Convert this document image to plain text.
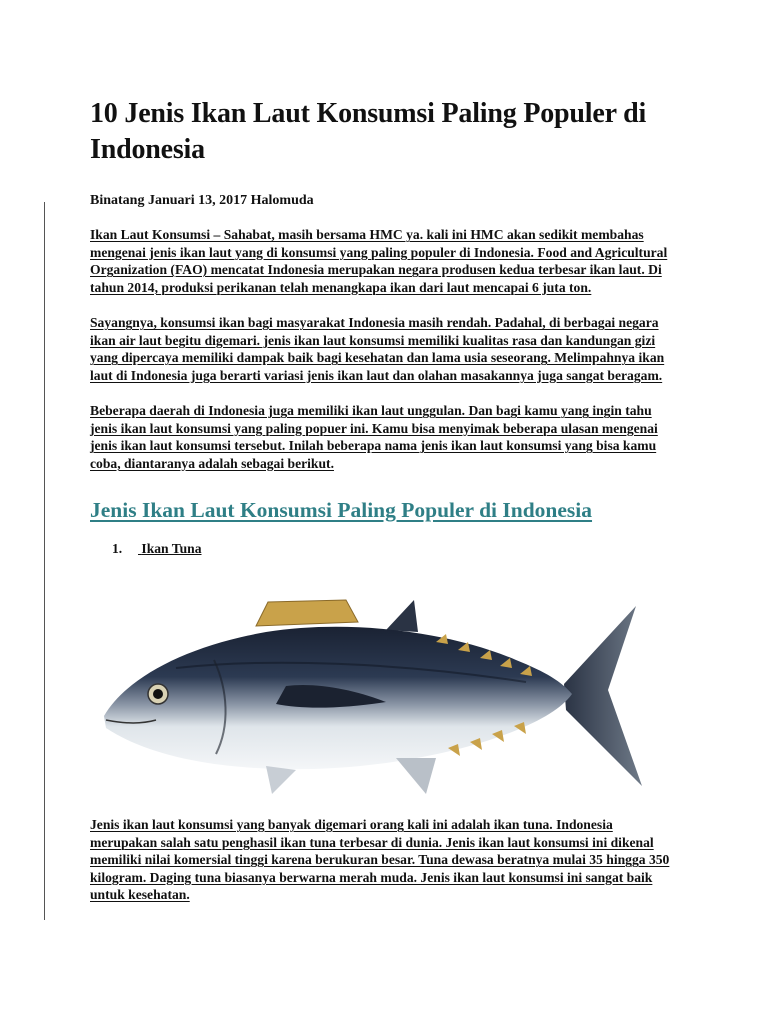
10 Jenis Ikan Laut Konsumsi Paling Populer di Indonesia
Binatang Januari 13, 2017 Halomuda

Ikan Laut Konsumsi – Sahabat, masih bersama HMC ya. kali ini HMC akan sedikit membahas mengenai jenis ikan laut yang di konsumsi yang paling populer di Indonesia. Food and Agricultural Organization (FAO) mencatat Indonesia merupakan negara produsen kedua terbesar ikan laut. Di tahun 2014, produksi perikanan telah menangkapa ikan dari laut mencapai 6 juta ton.

Sayangnya, konsumsi ikan bagi masyarakat Indonesia masih rendah. Padahal, di berbagai negara ikan air laut begitu digemari. jenis ikan laut konsumsi memiliki kualitas rasa dan kandungan gizi yang dipercaya memiliki dampak baik bagi kesehatan dan lama usia seseorang. Melimpahnya ikan laut di Indonesia juga berarti variasi jenis ikan laut dan olahan masakannya juga sangat beragam.

Beberapa daerah di Indonesia juga memiliki ikan laut unggulan. Dan bagi kamu yang ingin tahu jenis ikan laut konsumsi yang paling popuer ini. Kamu bisa menyimak beberapa ulasan mengenai jenis ikan laut konsumsi tersebut. Inilah beberapa nama jenis ikan laut konsumsi yang bisa kamu coba, diantaranya adalah sebagai berikut.

Jenis Ikan Laut Konsumsi Paling Populer di Indonesia
1. Ikan Tuna

Jenis ikan laut konsumsi yang banyak digemari orang kali ini adalah ikan tuna. Indonesia merupakan salah satu penghasil ikan tuna terbesar di dunia. Jenis ikan laut konsumsi ini dikenal memiliki nilai komersial tinggi karena berukuran besar. Tuna dewasa beratnya mulai 35 hingga 350 kilogram. Daging tuna biasanya berwarna merah muda. Jenis ikan laut konsumsi ini sangat baik untuk kesehatan.
